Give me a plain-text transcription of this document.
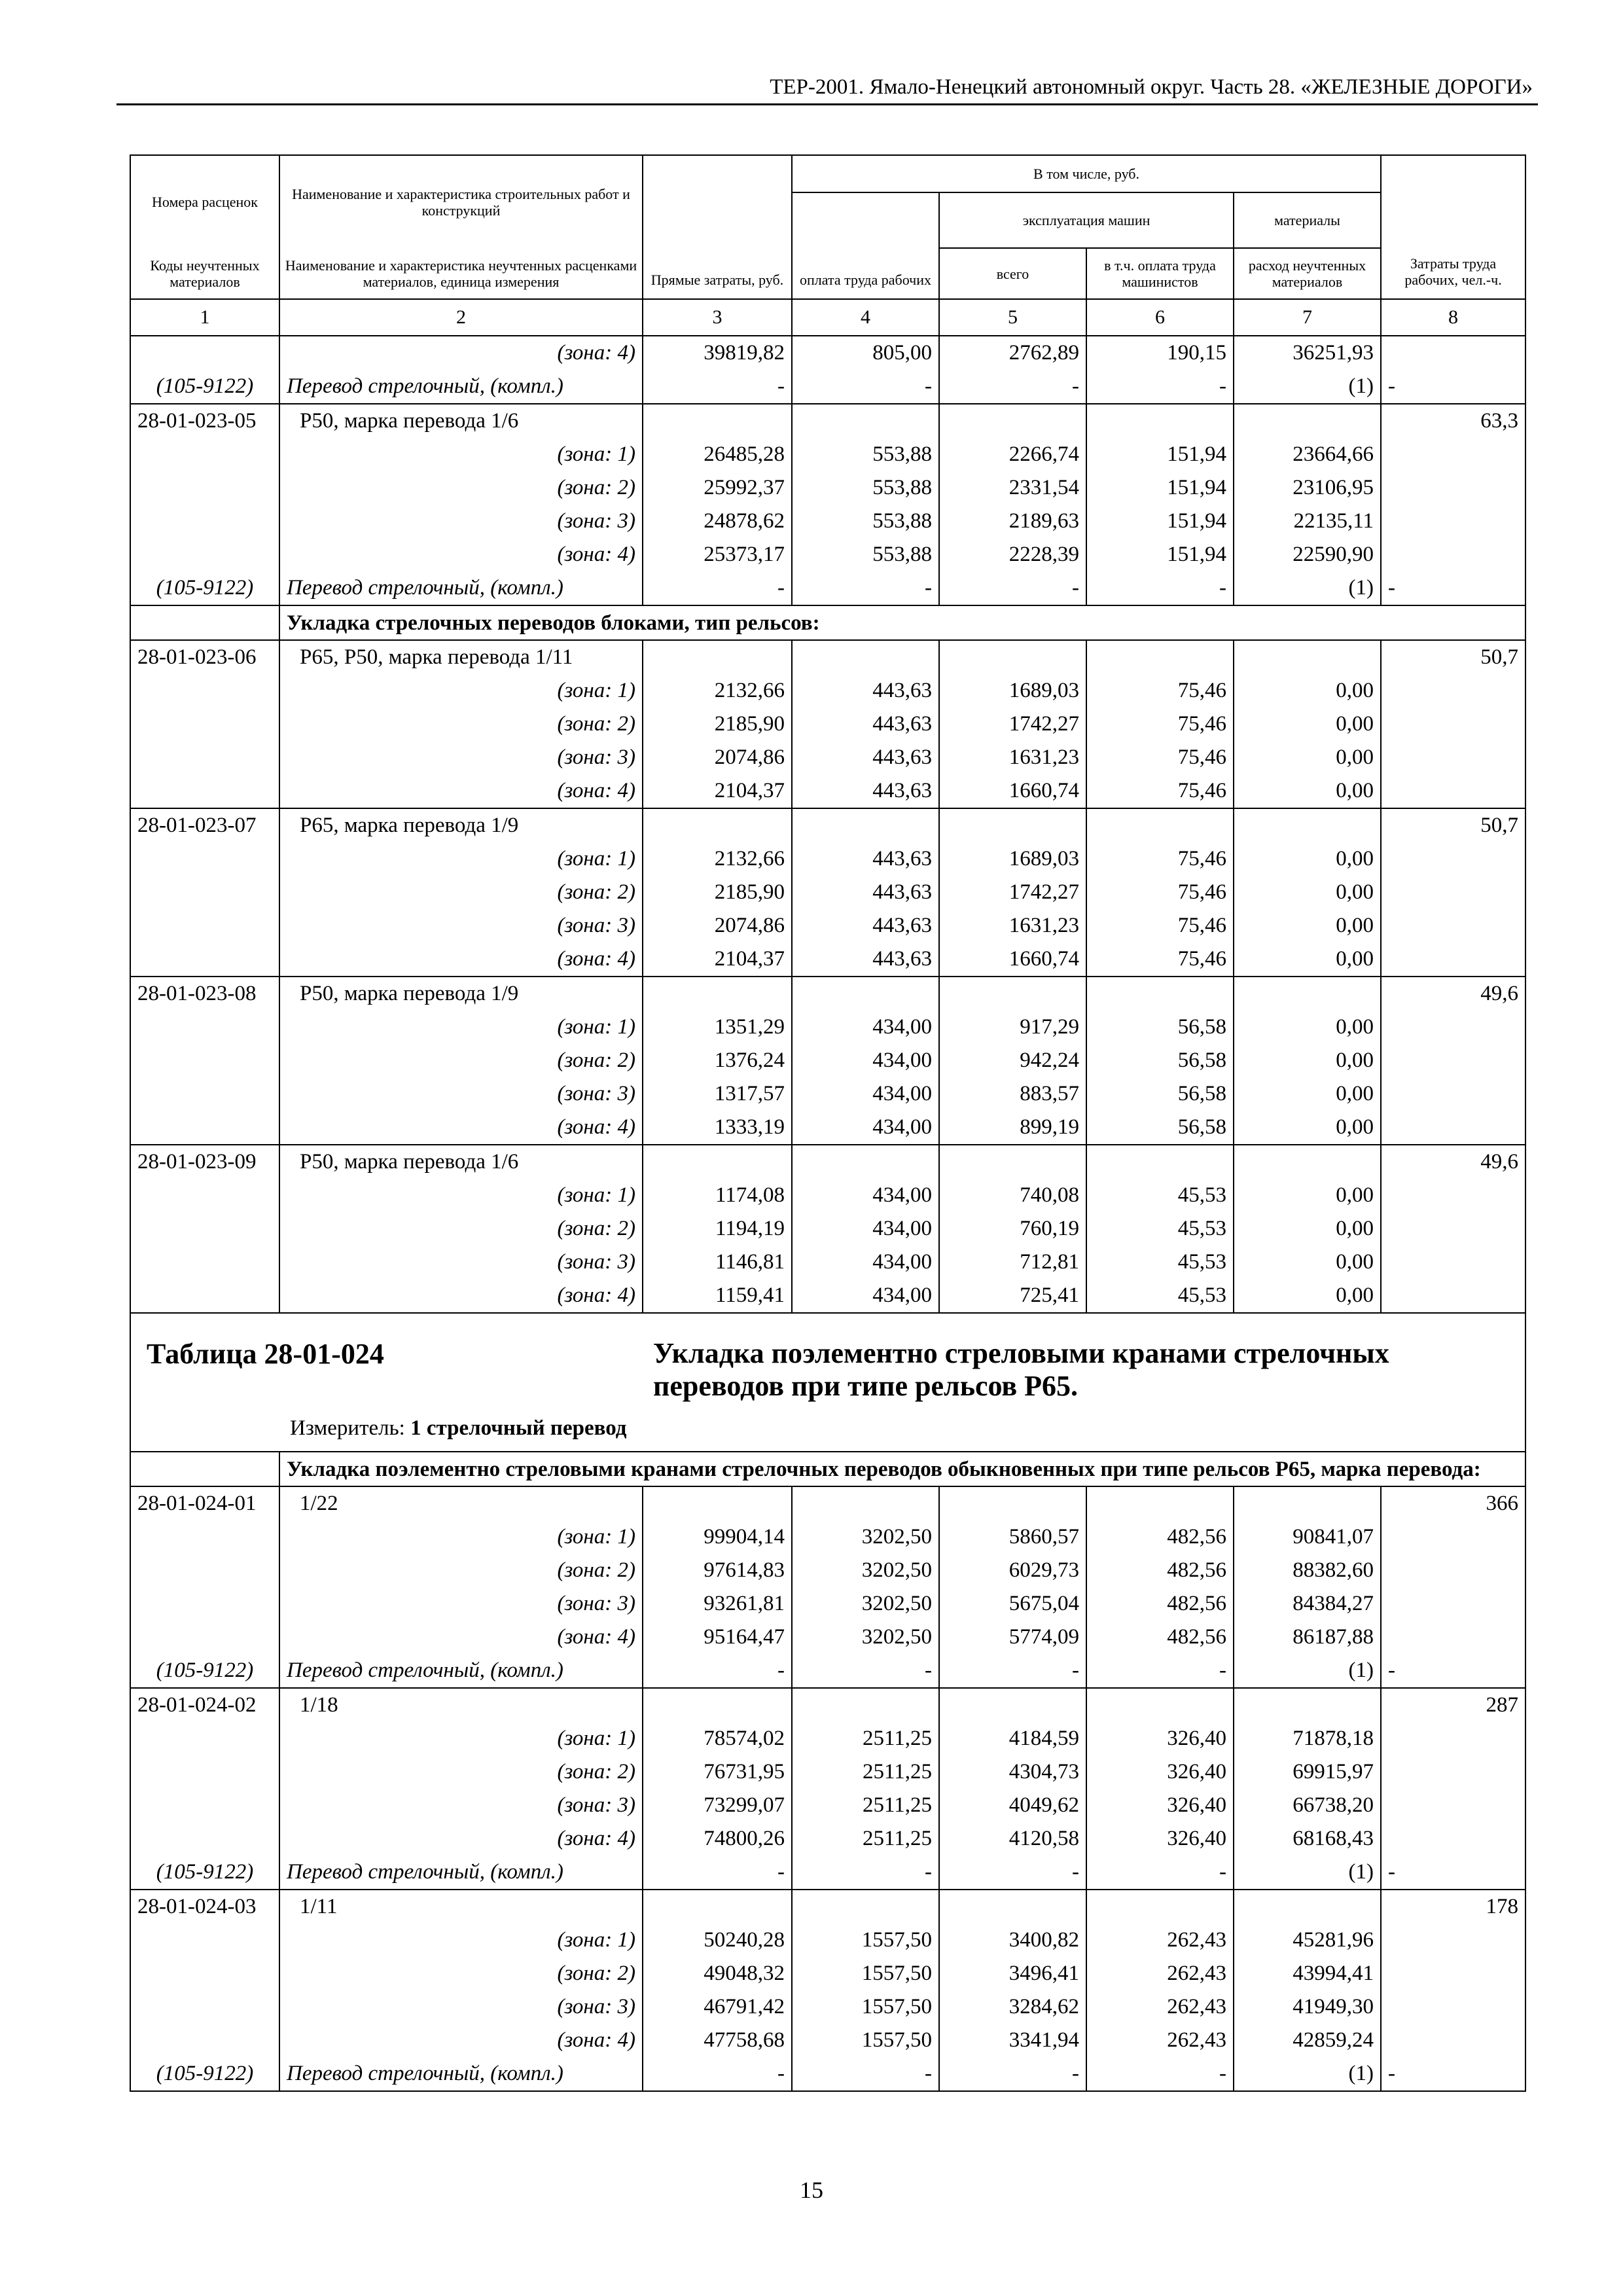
ТЕР-2001. Ямало-Ненецкий автономный округ. Часть 28. «ЖЕЛЕЗНЫЕ ДОРОГИ»
Номера расценок	Наименование и характеристика строительных работ и конструкций	Прямые затраты, руб.	В том числе, руб.				Затраты труда рабочих, чел.-ч.
			оплата труда рабочих	эксплуатация машин		материалы	
Коды неучтенных материалов	Наименование и характеристика неучтенных расценками материалов, единица измерения			всего	в т.ч. оплата труда машинистов	расход неучтенных материалов	

1	2	3	4	5	6	7	8
	(зона: 4)	39819,82	805,00	2762,89	190,15	36251,93	
(105-9122)	Перевод стрелочный, (компл.)	-	-	-	-	(1)	-
28-01-023-05	Р50, марка перевода 1/6						63,3
	(зона: 1)	26485,28	553,88	2266,74	151,94	23664,66	
	(зона: 2)	25992,37	553,88	2331,54	151,94	23106,95	
	(зона: 3)	24878,62	553,88	2189,63	151,94	22135,11	
	(зона: 4)	25373,17	553,88	2228,39	151,94	22590,90	
(105-9122)	Перевод стрелочный, (компл.)	-	-	-	-	(1)	-
	Укладка стрелочных переводов блоками, тип рельсов:						
28-01-023-06	Р65, Р50, марка перевода 1/11						50,7
	(зона: 1)	2132,66	443,63	1689,03	75,46	0,00	
	(зона: 2)	2185,90	443,63	1742,27	75,46	0,00	
	(зона: 3)	2074,86	443,63	1631,23	75,46	0,00	
	(зона: 4)	2104,37	443,63	1660,74	75,46	0,00	
28-01-023-07	Р65, марка перевода 1/9						50,7
	(зона: 1)	2132,66	443,63	1689,03	75,46	0,00	
	(зона: 2)	2185,90	443,63	1742,27	75,46	0,00	
	(зона: 3)	2074,86	443,63	1631,23	75,46	0,00	
	(зона: 4)	2104,37	443,63	1660,74	75,46	0,00	
28-01-023-08	Р50, марка перевода 1/9						49,6
	(зона: 1)	1351,29	434,00	917,29	56,58	0,00	
	(зона: 2)	1376,24	434,00	942,24	56,58	0,00	
	(зона: 3)	1317,57	434,00	883,57	56,58	0,00	
	(зона: 4)	1333,19	434,00	899,19	56,58	0,00	
28-01-023-09	Р50, марка перевода 1/6						49,6
	(зона: 1)	1174,08	434,00	740,08	45,53	0,00	
	(зона: 2)	1194,19	434,00	760,19	45,53	0,00	
	(зона: 3)	1146,81	434,00	712,81	45,53	0,00	
	(зона: 4)	1159,41	434,00	725,41	45,53	0,00	

Таблица 28-01-024 Укладка поэлементно стреловыми кранами стрелочных переводов при типе рельсов Р65.
Измеритель: 1 стрелочный перевод							

	Укладка поэлементно стреловыми кранами стрелочных переводов обыкновенных при типе рельсов Р65, марка перевода:						
28-01-024-01	1/22						366
	(зона: 1)	99904,14	3202,50	5860,57	482,56	90841,07	
	(зона: 2)	97614,83	3202,50	6029,73	482,56	88382,60	
	(зона: 3)	93261,81	3202,50	5675,04	482,56	84384,27	
	(зона: 4)	95164,47	3202,50	5774,09	482,56	86187,88	
(105-9122)	Перевод стрелочный, (компл.)	-	-	-	-	(1)	-
28-01-024-02	1/18						287
	(зона: 1)	78574,02	2511,25	4184,59	326,40	71878,18	
	(зона: 2)	76731,95	2511,25	4304,73	326,40	69915,97	
	(зона: 3)	73299,07	2511,25	4049,62	326,40	66738,20	
	(зона: 4)	74800,26	2511,25	4120,58	326,40	68168,43	
(105-9122)	Перевод стрелочный, (компл.)	-	-	-	-	(1)	-
28-01-024-03	1/11						178
	(зона: 1)	50240,28	1557,50	3400,82	262,43	45281,96	
	(зона: 2)	49048,32	1557,50	3496,41	262,43	43994,41	
	(зона: 3)	46791,42	1557,50	3284,62	262,43	41949,30	
	(зона: 4)	47758,68	1557,50	3341,94	262,43	42859,24	
(105-9122)	Перевод стрелочный, (компл.)	-	-	-	-	(1)	-
15
